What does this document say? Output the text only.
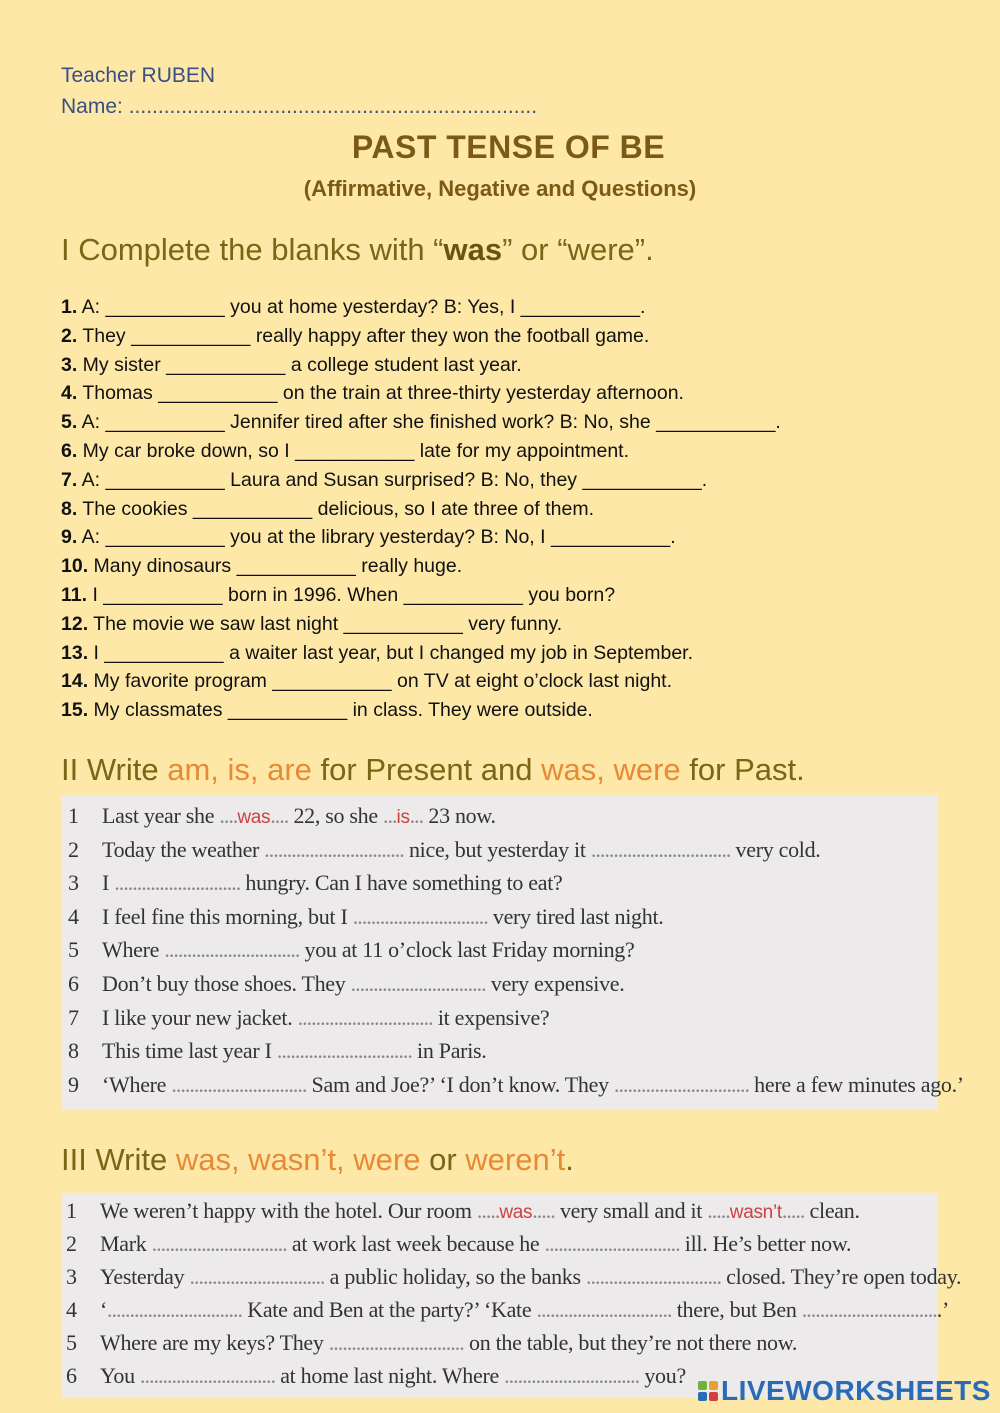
Teacher RUBEN
Name: ......................................................................
PAST TENSE OF BE
(Affirmative, Negative and Questions)
I Complete the blanks with “was” or “were”.
1. A: ___________ you at home yesterday? B: Yes, I ___________.
2. They ___________ really happy after they won the football game.
3. My sister ___________ a college student last year.
4. Thomas ___________ on the train at three-thirty yesterday afternoon.
5. A: ___________ Jennifer tired after she finished work? B: No, she ___________.
6. My car broke down, so I ___________ late for my appointment.
7. A: ___________ Laura and Susan surprised? B: No, they ___________.
8. The cookies ___________ delicious, so I ate three of them.
9. A: ___________ you at the library yesterday? B: No, I ___________.
10. Many dinosaurs ___________ really huge.
11. I ___________ born in 1996. When ___________ you born?
12. The movie we saw last night ___________ very funny.
13. I ___________ a waiter last year, but I changed my job in September.
14. My favorite program ___________ on TV at eight o’clock last night.
15. My classmates ___________ in class. They were outside.
II Write am, is, are for Present and was, were for Past.
1 Last year she ....was.... 22, so she ...is... 23 now.
2 Today the weather ............................... nice, but yesterday it ............................... very cold.
3 I ............................ hungry. Can I have something to eat?
4 I feel fine this morning, but I .............................. very tired last night.
5 Where .............................. you at 11 o’clock last Friday morning?
6 Don’t buy those shoes. They .............................. very expensive.
7 I like your new jacket. .............................. it expensive?
8 This time last year I .............................. in Paris.
9 ‘Where .............................. Sam and Joe?’ ‘I don’t know. They .............................. here a few minutes ago.’
III Write was, wasn’t, were or weren’t.
1 We weren’t happy with the hotel. Our room .....was..... very small and it .....wasn’t..... clean.
2 Mark .............................. at work last week because he .............................. ill. He’s better now.
3 Yesterday .............................. a public holiday, so the banks .............................. closed. They’re open today.
4 ‘.............................. Kate and Ben at the party?’ ‘Kate .............................. there, but Ben ...............................’
5 Where are my keys? They .............................. on the table, but they’re not there now.
6 You .............................. at home last night. Where .............................. you?	LIVEWORKSHEETS
